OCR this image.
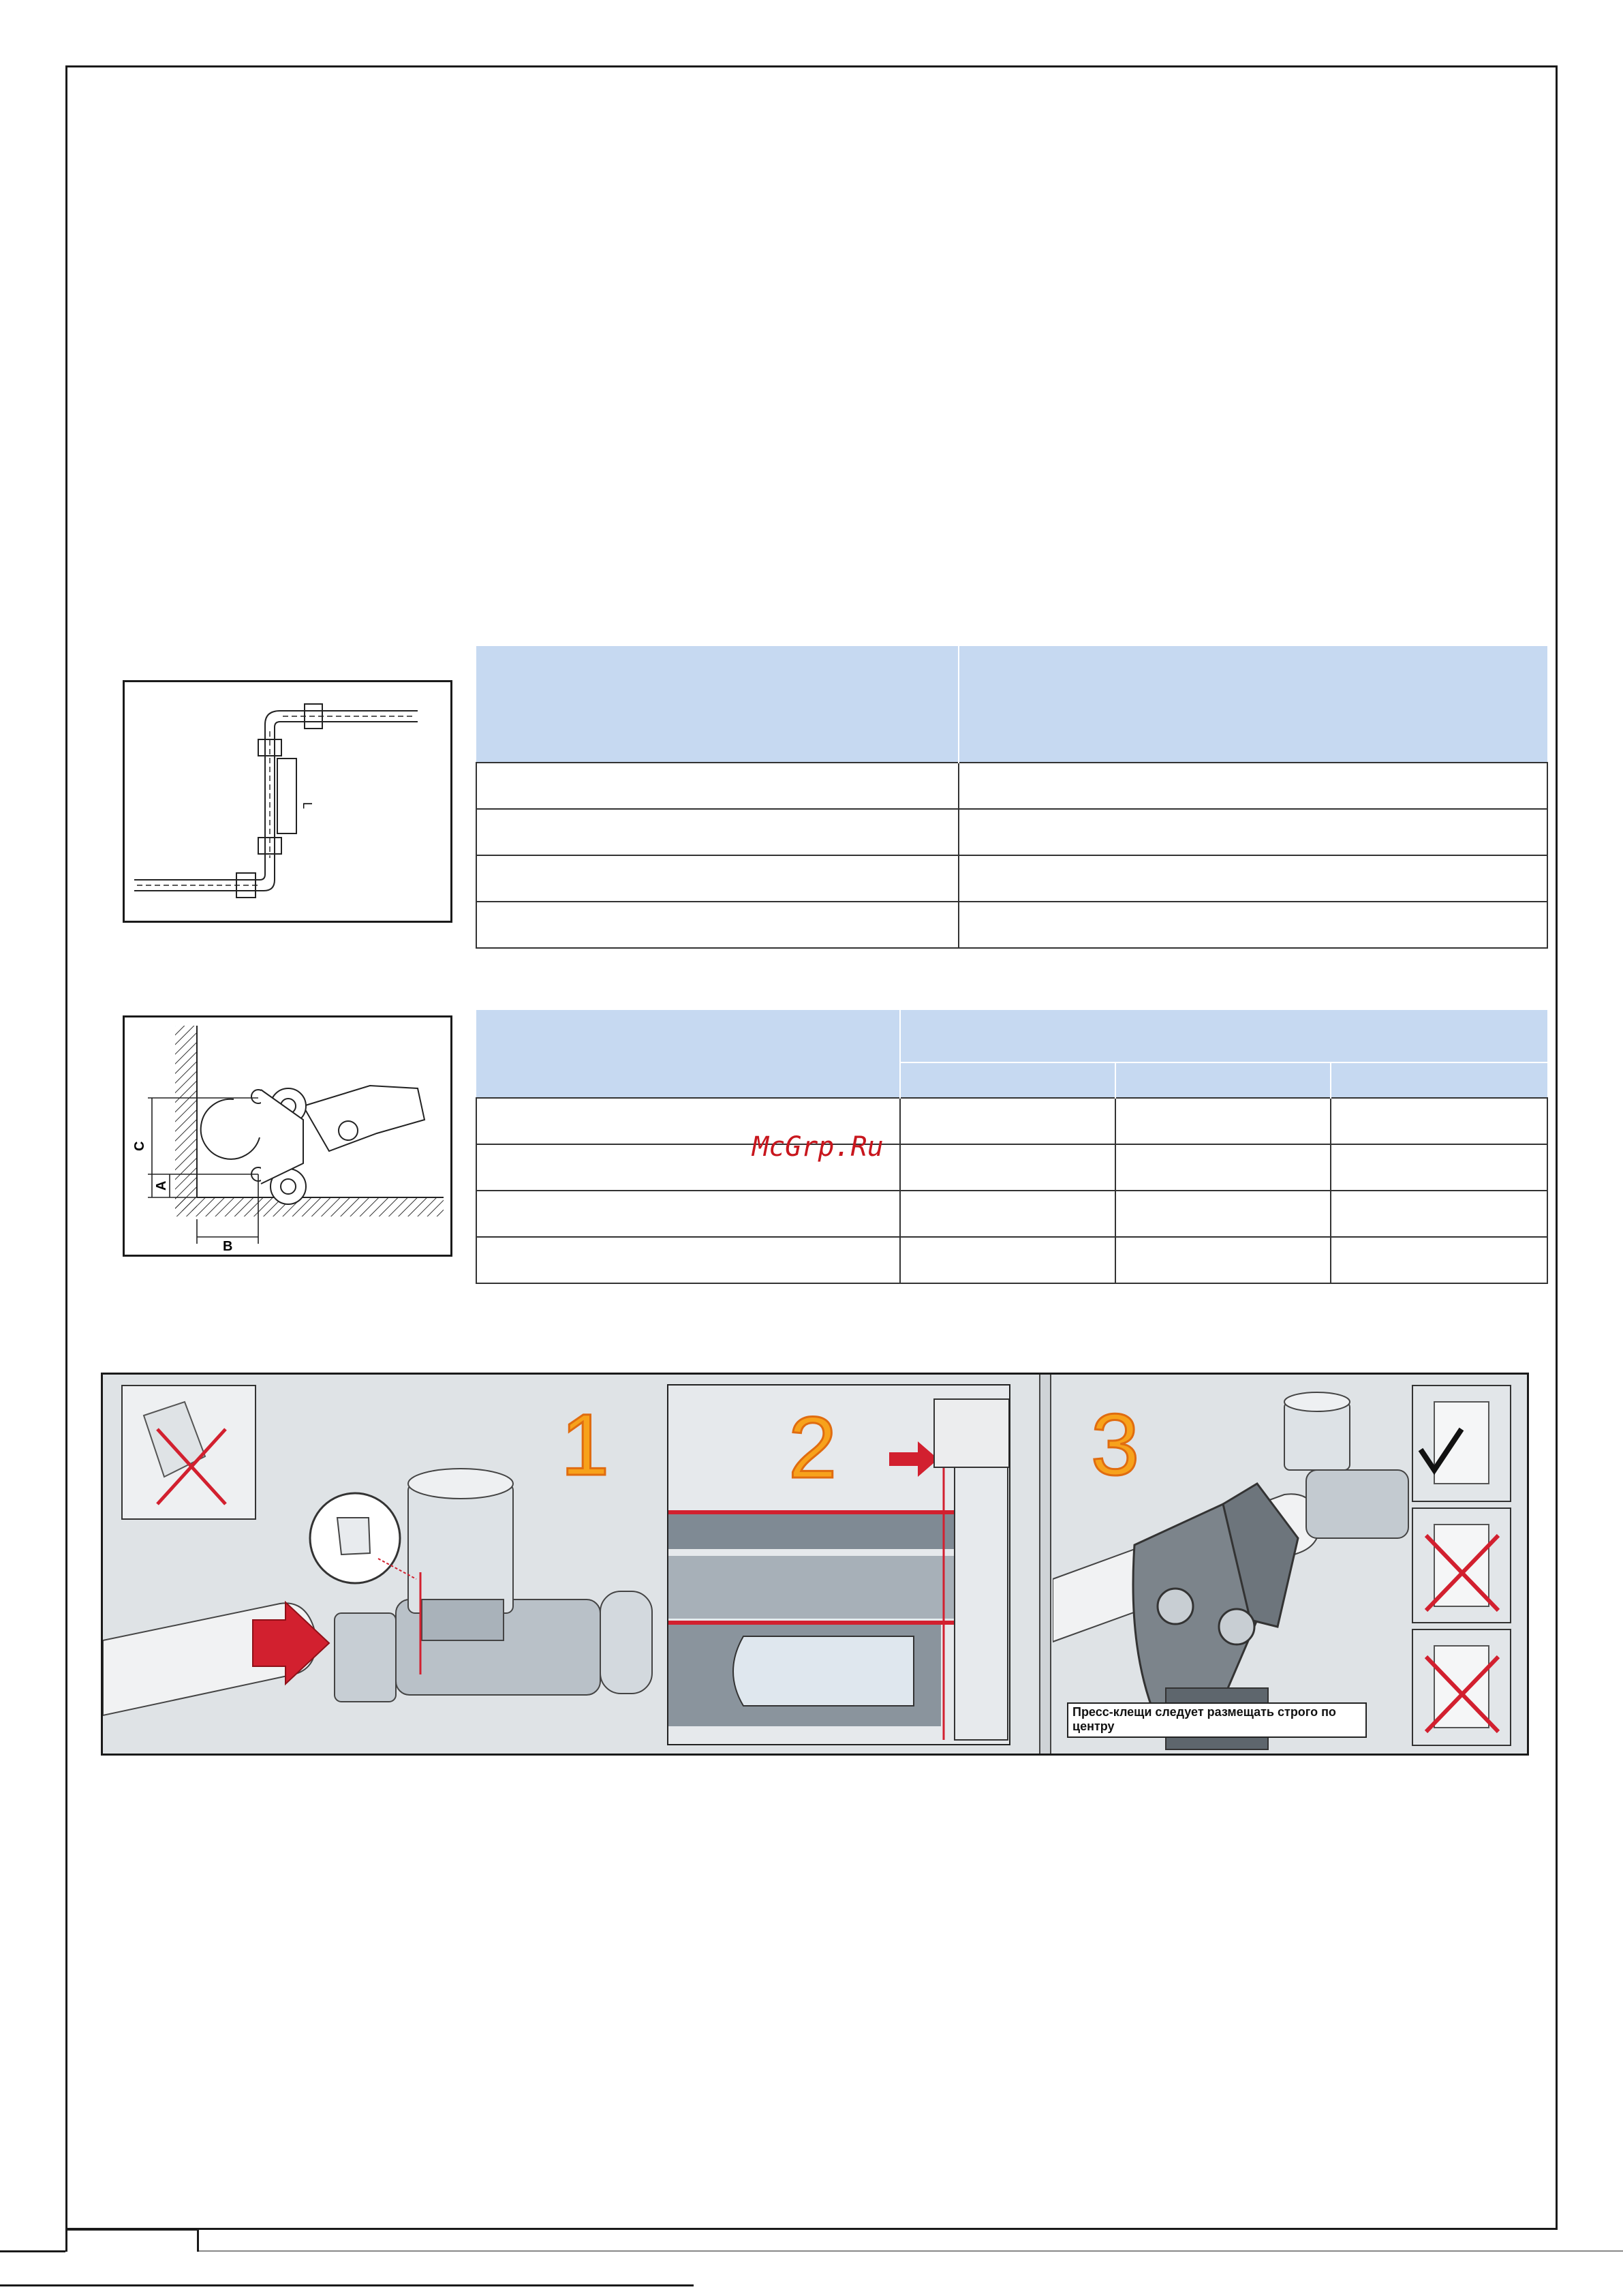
L

C
A
B

McGrp.Ru
1 2	3
Пресс-клещи следует размещать строго по центру
